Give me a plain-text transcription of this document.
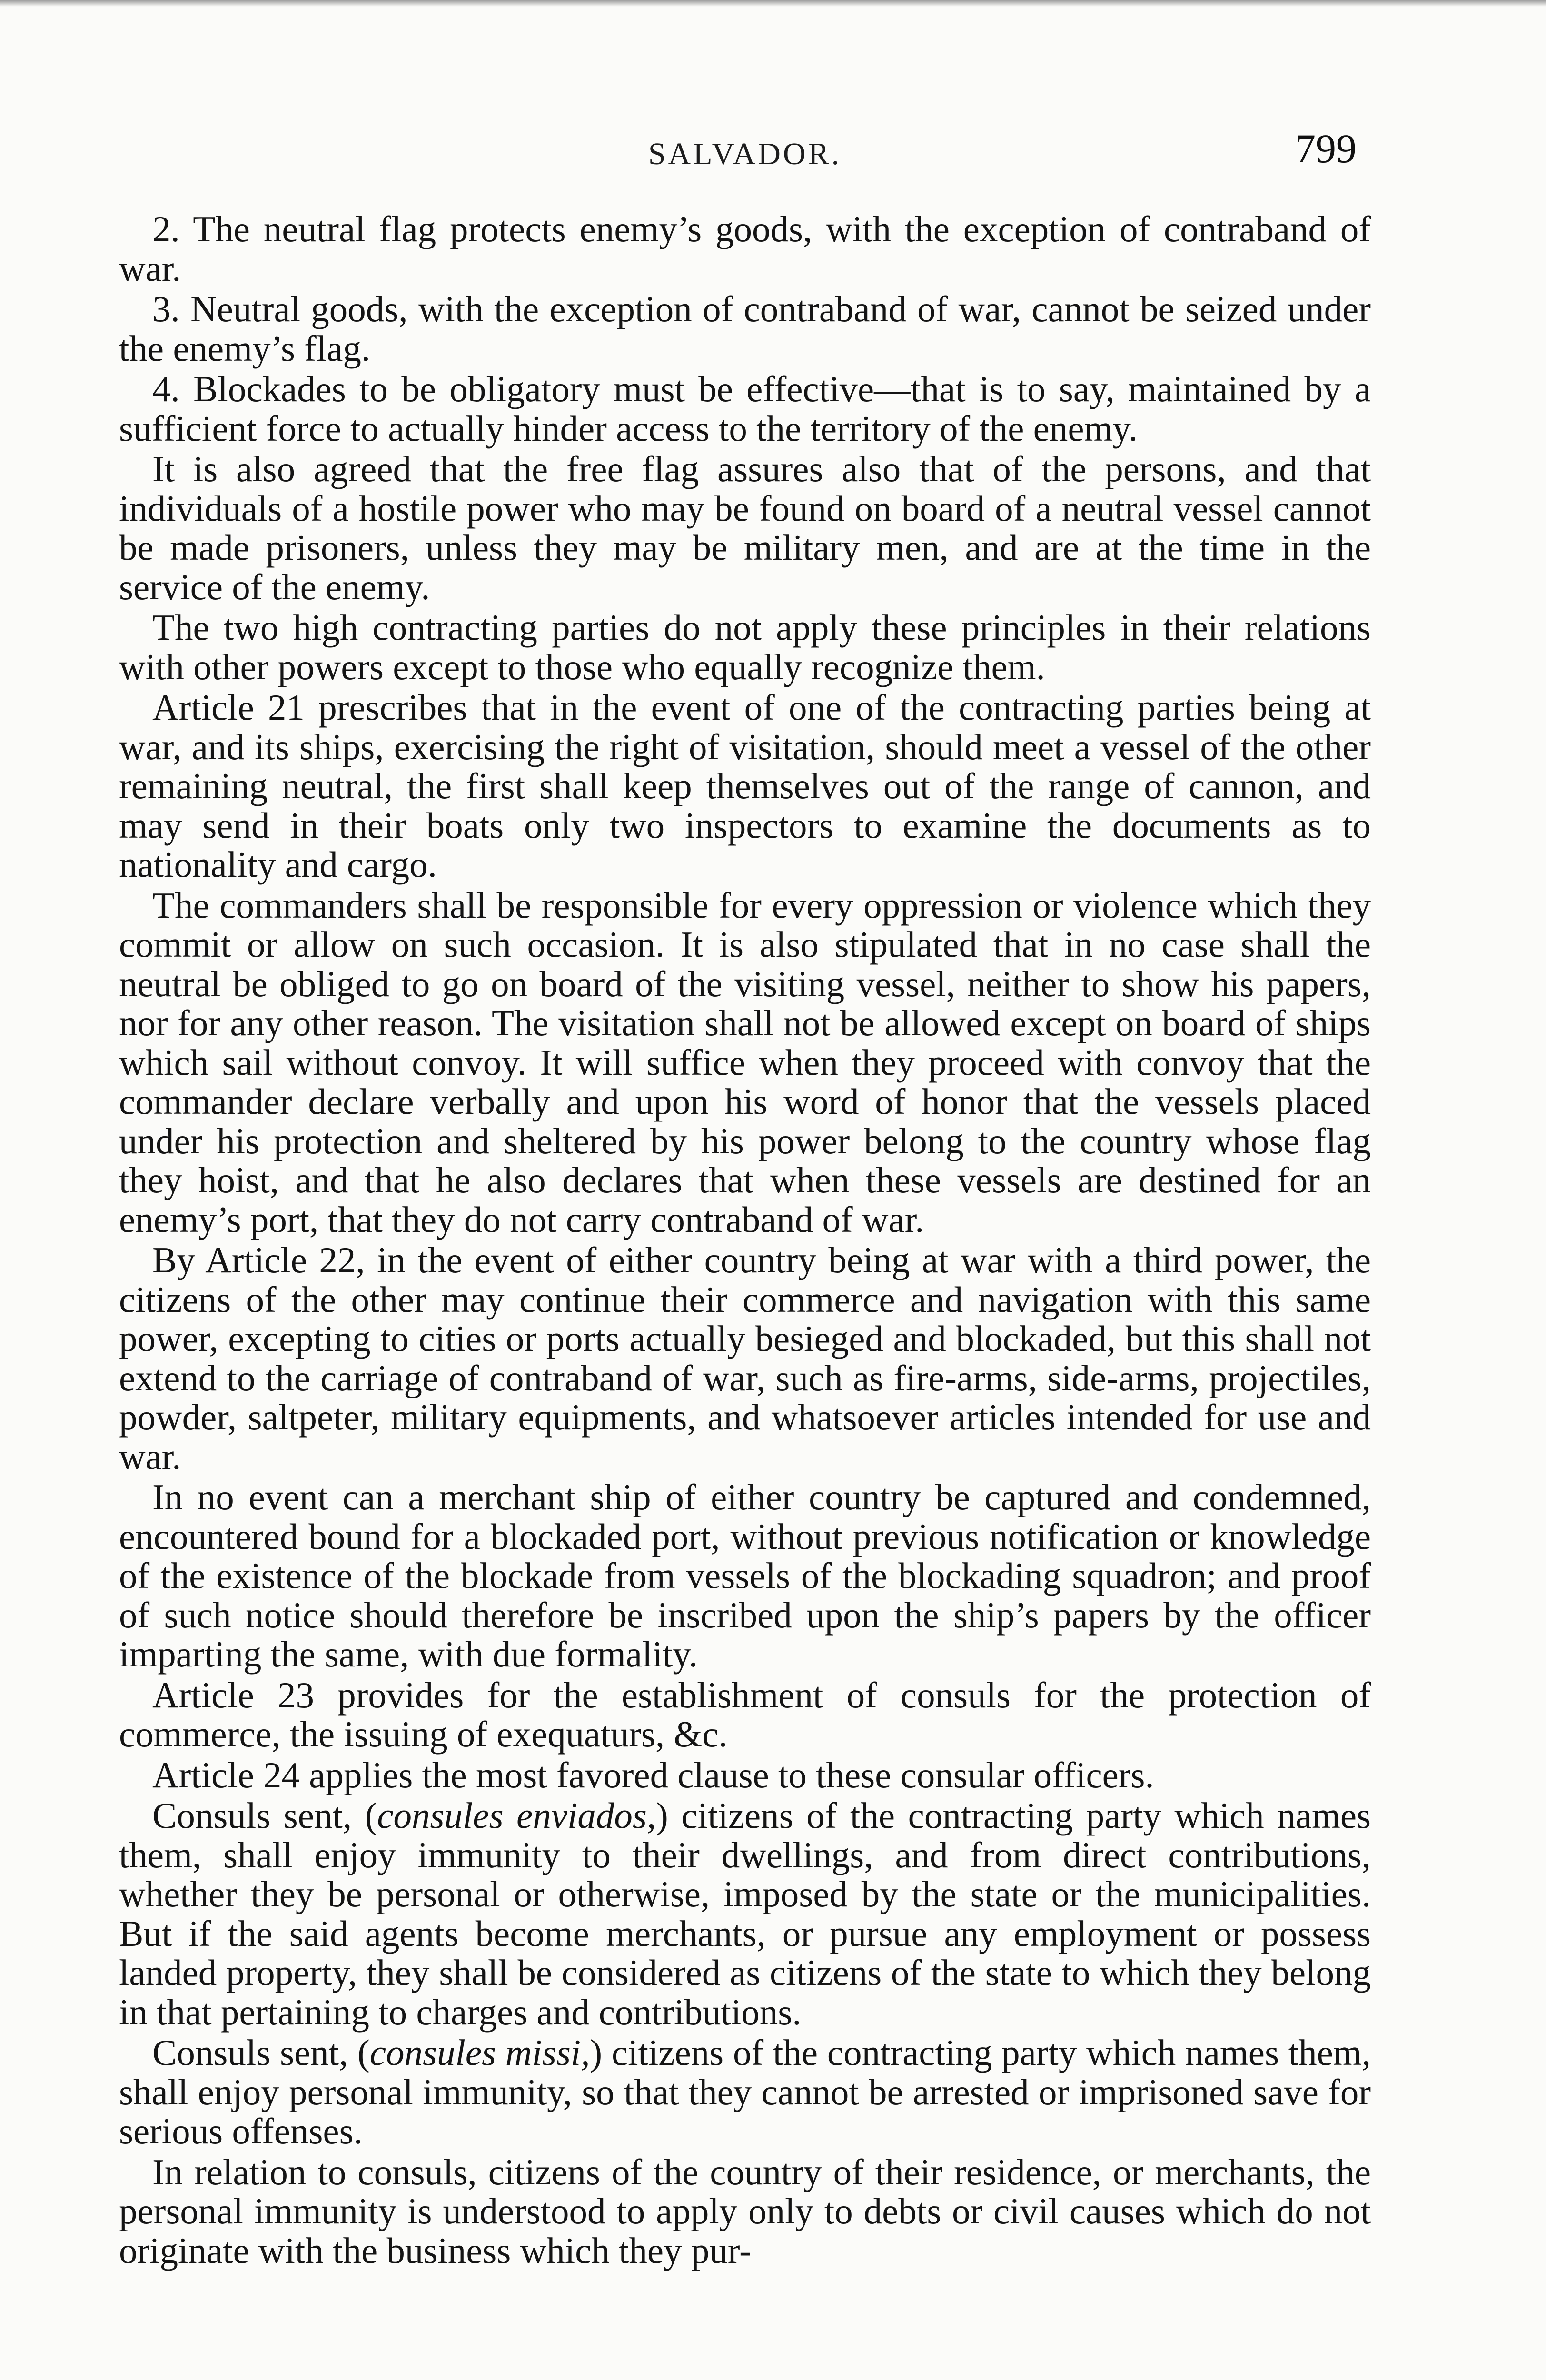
SALVADOR.	799

2. The neutral flag protects enemy’s goods, with the exception of contraband of war.

3. Neutral goods, with the exception of contraband of war, cannot be seized under the enemy’s flag.

4. Blockades to be obligatory must be effective—that is to say, maintained by a sufficient force to actually hinder access to the territory of the enemy.

It is also agreed that the free flag assures also that of the persons, and that individuals of a hostile power who may be found on board of a neutral vessel cannot be made prisoners, unless they may be military men, and are at the time in the service of the enemy.

The two high contracting parties do not apply these principles in their relations with other powers except to those who equally recognize them.

Article 21 prescribes that in the event of one of the contracting parties being at war, and its ships, exercising the right of visitation, should meet a vessel of the other remaining neutral, the first shall keep themselves out of the range of cannon, and may send in their boats only two inspectors to examine the documents as to nationality and cargo.

The commanders shall be responsible for every oppression or violence which they commit or allow on such occasion. It is also stipulated that in no case shall the neutral be obliged to go on board of the visiting vessel, neither to show his papers, nor for any other reason. The visitation shall not be allowed except on board of ships which sail without convoy. It will suffice when they proceed with convoy that the commander declare verbally and upon his word of honor that the vessels placed under his protection and sheltered by his power belong to the country whose flag they hoist, and that he also declares that when these vessels are destined for an enemy’s port, that they do not carry contraband of war.

By Article 22, in the event of either country being at war with a third power, the citizens of the other may continue their commerce and navigation with this same power, excepting to cities or ports actually besieged and blockaded, but this shall not extend to the carriage of contraband of war, such as fire-arms, side-arms, projectiles, powder, saltpeter, military equipments, and whatsoever articles intended for use and war.

In no event can a merchant ship of either country be captured and condemned, encountered bound for a blockaded port, without previous notification or knowledge of the existence of the blockade from vessels of the blockading squadron; and proof of such notice should therefore be inscribed upon the ship’s papers by the officer imparting the same, with due formality.

Article 23 provides for the establishment of consuls for the protection of commerce, the issuing of exequaturs, &c.

Article 24 applies the most favored clause to these consular officers.

Consuls sent, (consules enviados,) citizens of the contracting party which names them, shall enjoy immunity to their dwellings, and from direct contributions, whether they be personal or otherwise, imposed by the state or the municipalities. But if the said agents become merchants, or pursue any employment or possess landed property, they shall be considered as citizens of the state to which they belong in that pertaining to charges and contributions.

Consuls sent, (consules missi,) citizens of the contracting party which names them, shall enjoy personal immunity, so that they cannot be arrested or imprisoned save for serious offenses.

In relation to consuls, citizens of the country of their residence, or merchants, the personal immunity is understood to apply only to debts or civil causes which do not originate with the business which they pur-
